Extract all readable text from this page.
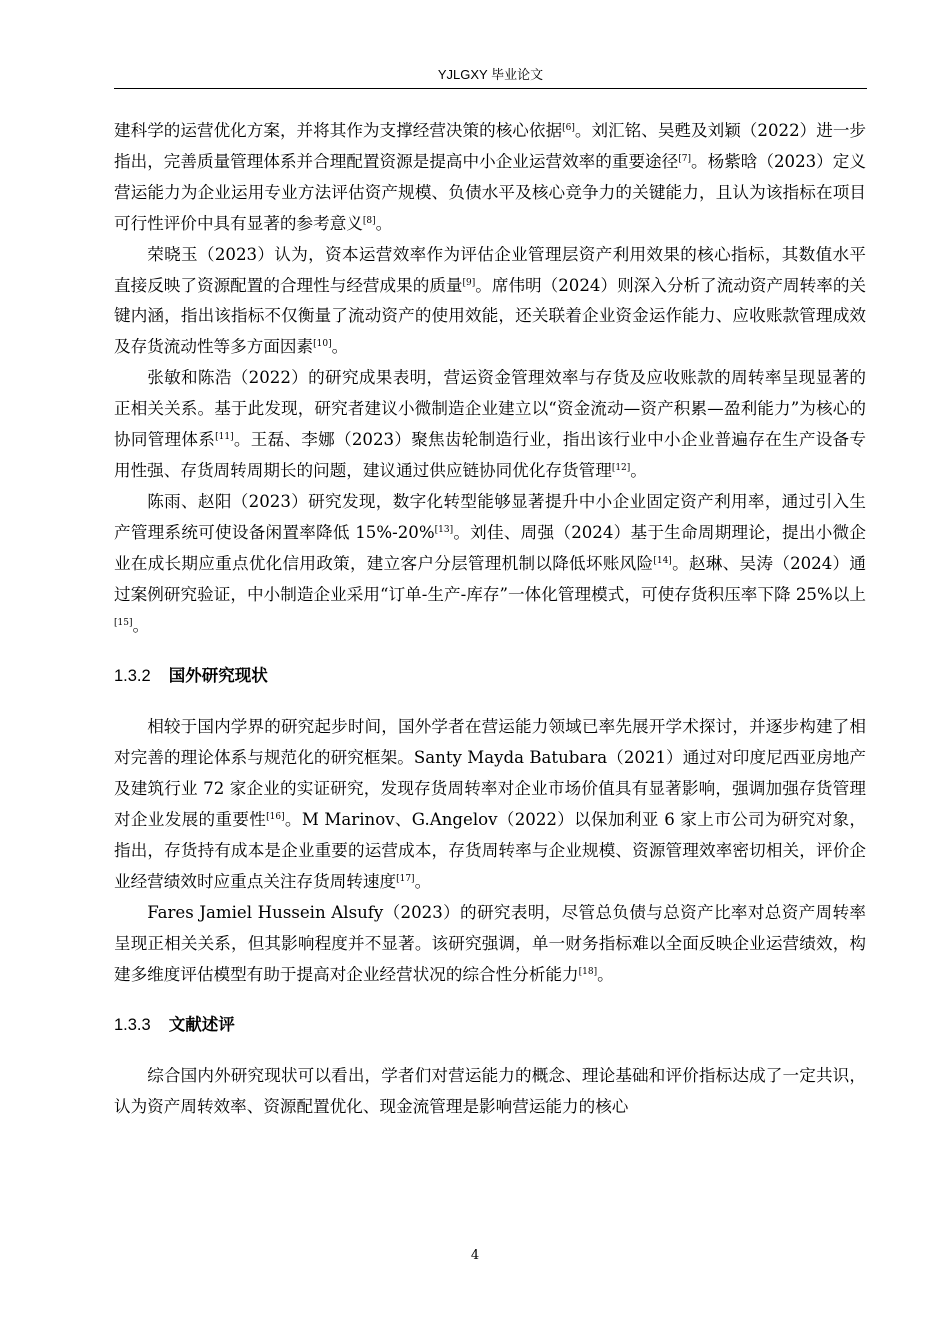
YJLGXY 毕业论文

建科学的运营优化方案，并将其作为支撑经营决策的核心依据[6]。刘汇铭、吴甦及刘颖（2022）进一步指出，完善质量管理体系并合理配置资源是提高中小企业运营效率的重要途径[7]。杨紫晗（2023）定义营运能力为企业运用专业方法评估资产规模、负债水平及核心竞争力的关键能力，且认为该指标在项目可行性评价中具有显著的参考意义[8]。

荣晓玉（2023）认为，资本运营效率作为评估企业管理层资产利用效果的核心指标，其数值水平直接反映了资源配置的合理性与经营成果的质量[9]。席伟明（2024）则深入分析了流动资产周转率的关键内涵，指出该指标不仅衡量了流动资产的使用效能，还关联着企业资金运作能力、应收账款管理成效及存货流动性等多方面因素[10]。

张敏和陈浩（2022）的研究成果表明，营运资金管理效率与存货及应收账款的周转率呈现显著的正相关关系。基于此发现，研究者建议小微制造企业建立以“资金流动—资产积累—盈利能力”为核心的协同管理体系[11]。王磊、李娜（2023）聚焦齿轮制造行业，指出该行业中小企业普遍存在生产设备专用性强、存货周转周期长的问题，建议通过供应链协同优化存货管理[12]。

陈雨、赵阳（2023）研究发现，数字化转型能够显著提升中小企业固定资产利用率，通过引入生产管理系统可使设备闲置率降低 15%-20%[13]。刘佳、周强（2024）基于生命周期理论，提出小微企业在成长期应重点优化信用政策，建立客户分层管理机制以降低坏账风险[14]。赵琳、吴涛（2024）通过案例研究验证，中小制造企业采用“订单-生产-库存”一体化管理模式，可使存货积压率下降 25%以上[15]。

1.3.2 国外研究现状

相较于国内学界的研究起步时间，国外学者在营运能力领域已率先展开学术探讨，并逐步构建了相对完善的理论体系与规范化的研究框架。Santy Mayda Batubara（2021）通过对印度尼西亚房地产及建筑行业 72 家企业的实证研究，发现存货周转率对企业市场价值具有显著影响，强调加强存货管理对企业发展的重要性[16]。M Marinov、G.Angelov（2022）以保加利亚 6 家上市公司为研究对象，指出，存货持有成本是企业重要的运营成本，存货周转率与企业规模、资源管理效率密切相关，评价企业经营绩效时应重点关注存货周转速度[17]。

Fares Jamiel Hussein Alsufy（2023）的研究表明，尽管总负债与总资产比率对总资产周转率呈现正相关关系，但其影响程度并不显著。该研究强调，单一财务指标难以全面反映企业运营绩效，构建多维度评估模型有助于提高对企业经营状况的综合性分析能力[18]。

1.3.3 文献述评

综合国内外研究现状可以看出，学者们对营运能力的概念、理论基础和评价指标达成了一定共识，认为资产周转效率、资源配置优化、现金流管理是影响营运能力的核心

4
